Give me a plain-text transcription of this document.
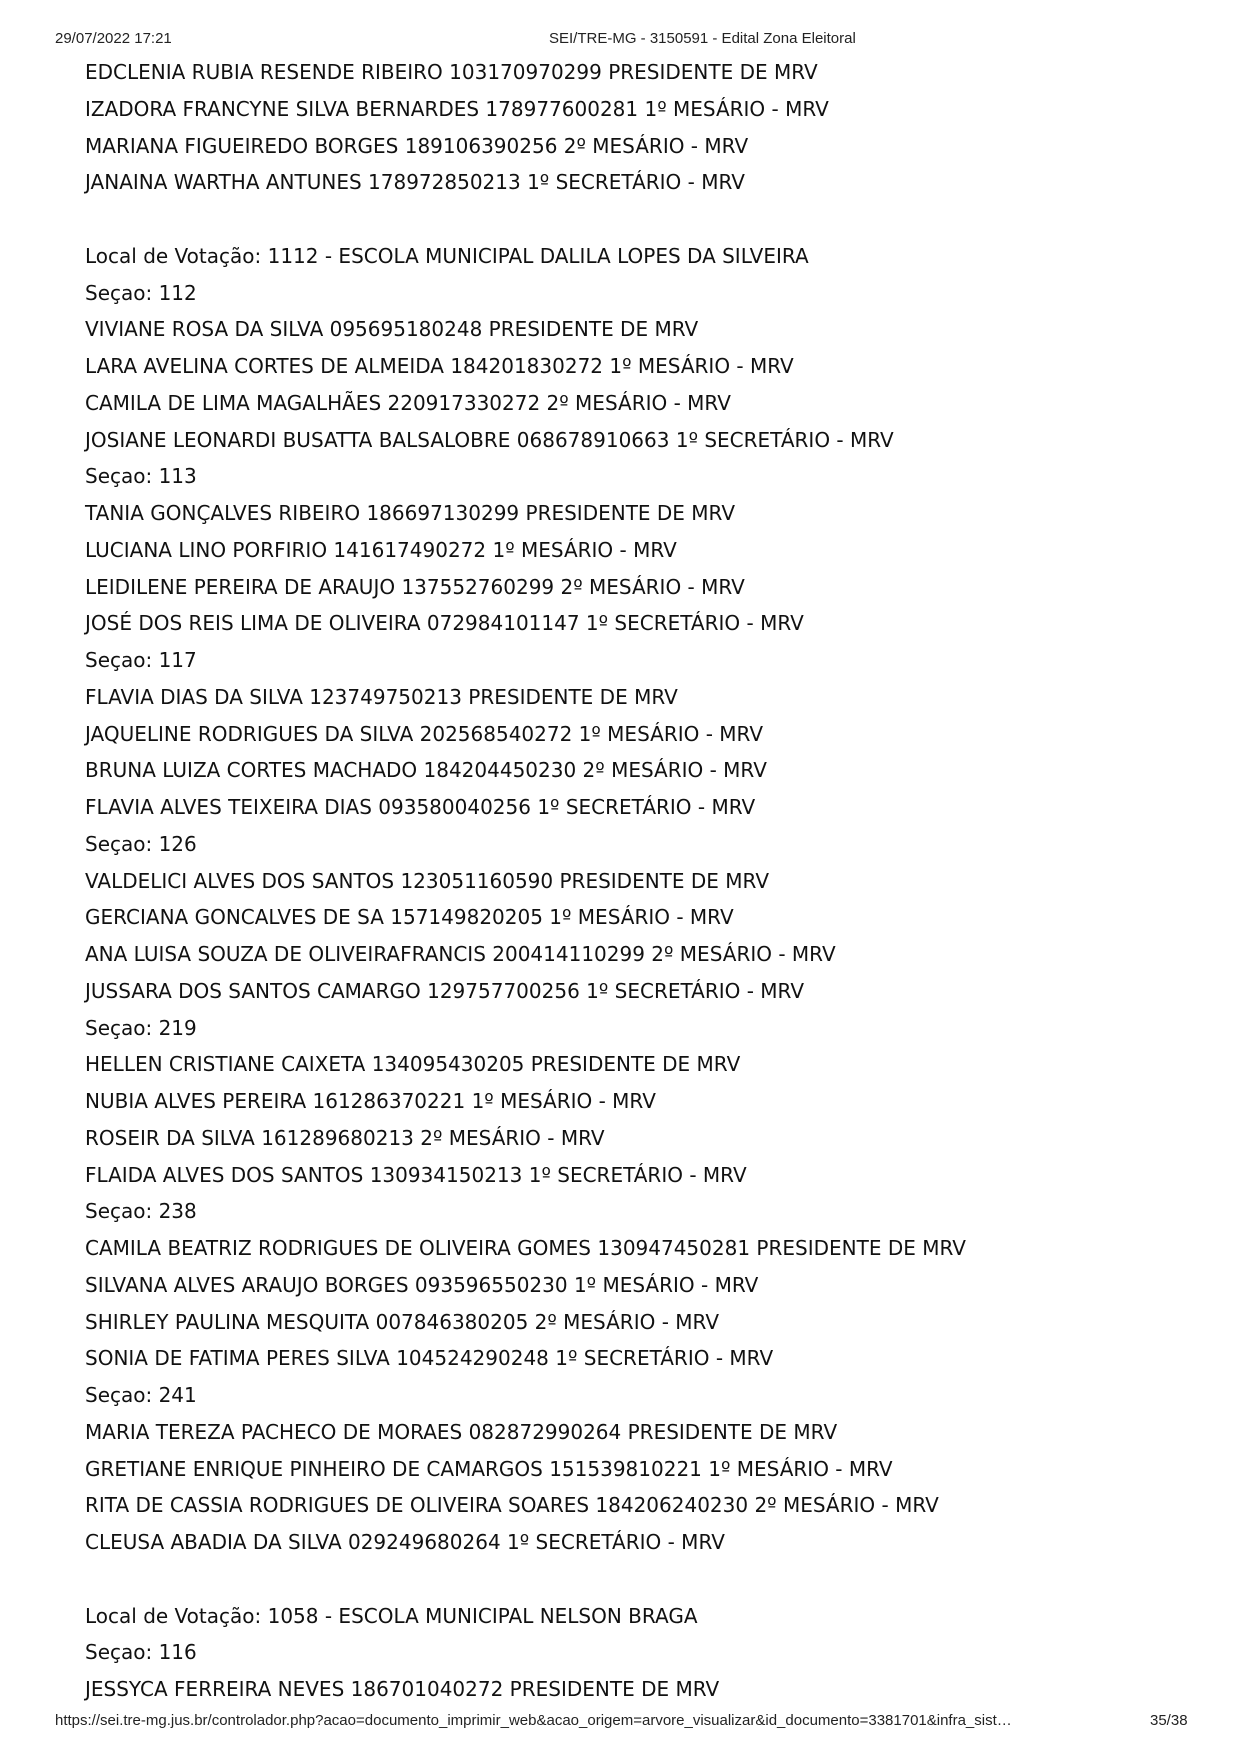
29/07/2022 17:21	SEI/TRE-MG - 3150591 - Edital Zona Eleitoral
EDCLENIA RUBIA RESENDE RIBEIRO 103170970299 PRESIDENTE DE MRV
IZADORA FRANCYNE SILVA BERNARDES 178977600281 1º MESÁRIO - MRV
MARIANA FIGUEIREDO BORGES 189106390256 2º MESÁRIO - MRV
JANAINA WARTHA ANTUNES 178972850213 1º SECRETÁRIO - MRV
Local de Votação: 1112 - ESCOLA MUNICIPAL DALILA LOPES DA SILVEIRA
Seçao: 112
VIVIANE ROSA DA SILVA 095695180248 PRESIDENTE DE MRV
LARA AVELINA CORTES DE ALMEIDA 184201830272 1º MESÁRIO - MRV
CAMILA DE LIMA MAGALHÃES 220917330272 2º MESÁRIO - MRV
JOSIANE LEONARDI BUSATTA BALSALOBRE 068678910663 1º SECRETÁRIO - MRV
Seçao: 113
TANIA GONÇALVES RIBEIRO 186697130299 PRESIDENTE DE MRV
LUCIANA LINO PORFIRIO 141617490272 1º MESÁRIO - MRV
LEIDILENE PEREIRA DE ARAUJO 137552760299 2º MESÁRIO - MRV
JOSÉ DOS REIS LIMA DE OLIVEIRA 072984101147 1º SECRETÁRIO - MRV
Seçao: 117
FLAVIA DIAS DA SILVA 123749750213 PRESIDENTE DE MRV
JAQUELINE RODRIGUES DA SILVA 202568540272 1º MESÁRIO - MRV
BRUNA LUIZA CORTES MACHADO 184204450230 2º MESÁRIO - MRV
FLAVIA ALVES TEIXEIRA DIAS 093580040256 1º SECRETÁRIO - MRV
Seçao: 126
VALDELICI ALVES DOS SANTOS 123051160590 PRESIDENTE DE MRV
GERCIANA GONCALVES DE SA 157149820205 1º MESÁRIO - MRV
ANA LUISA SOUZA DE OLIVEIRAFRANCIS 200414110299 2º MESÁRIO - MRV
JUSSARA DOS SANTOS CAMARGO 129757700256 1º SECRETÁRIO - MRV
Seçao: 219
HELLEN CRISTIANE CAIXETA 134095430205 PRESIDENTE DE MRV
NUBIA ALVES PEREIRA 161286370221 1º MESÁRIO - MRV
ROSEIR DA SILVA 161289680213 2º MESÁRIO - MRV
FLAIDA ALVES DOS SANTOS 130934150213 1º SECRETÁRIO - MRV
Seçao: 238
CAMILA BEATRIZ RODRIGUES DE OLIVEIRA GOMES 130947450281 PRESIDENTE DE MRV
SILVANA ALVES ARAUJO BORGES 093596550230 1º MESÁRIO - MRV
SHIRLEY PAULINA MESQUITA 007846380205 2º MESÁRIO - MRV
SONIA DE FATIMA PERES SILVA 104524290248 1º SECRETÁRIO - MRV
Seçao: 241
MARIA TEREZA PACHECO DE MORAES 082872990264 PRESIDENTE DE MRV
GRETIANE ENRIQUE PINHEIRO DE CAMARGOS 151539810221 1º MESÁRIO - MRV
RITA DE CASSIA RODRIGUES DE OLIVEIRA SOARES 184206240230 2º MESÁRIO - MRV
CLEUSA ABADIA DA SILVA 029249680264 1º SECRETÁRIO - MRV
Local de Votação: 1058 - ESCOLA MUNICIPAL NELSON BRAGA
Seçao: 116
JESSYCA FERREIRA NEVES 186701040272 PRESIDENTE DE MRV
https://sei.tre-mg.jus.br/controlador.php?acao=documento_imprimir_web&acao_origem=arvore_visualizar&id_documento=3381701&infra_sist…	35/38
